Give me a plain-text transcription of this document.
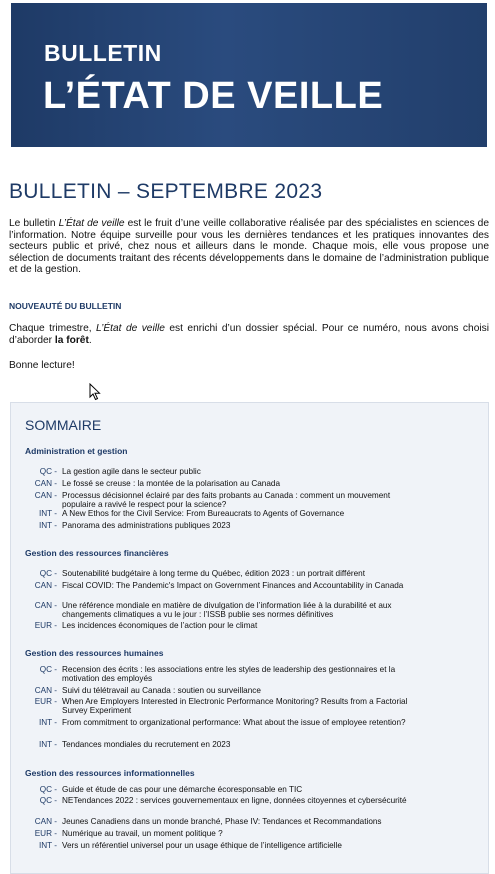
BULLETIN
L’ÉTAT DE VEILLE
BULLETIN – SEPTEMBRE 2023
Le bulletin L’État de veille est le fruit d’une veille collaborative réalisée par des spécialistes en sciences de l’information. Notre équipe surveille pour vous les dernières tendances et les pratiques innovantes des secteurs public et privé, chez nous et ailleurs dans le monde. Chaque mois, elle vous propose une sélection de documents traitant des récents développements dans le domaine de l’administration publique et de la gestion.
NOUVEAUTÉ DU BULLETIN
Chaque trimestre, L’État de veille est enrichi d’un dossier spécial. Pour ce numéro, nous avons choisi d’aborder la forêt.
Bonne lecture!
SOMMAIRE
Administration et gestion
QC - La gestion agile dans le secteur public
CAN - Le fossé se creuse : la montée de la polarisation au Canada
CAN - Processus décisionnel éclairé par des faits probants au Canada : comment un mouvement populaire a ravivé le respect pour la science?
INT - A New Ethos for the Civil Service: From Bureaucrats to Agents of Governance
INT - Panorama des administrations publiques 2023
Gestion des ressources financières
QC - Soutenabilité budgétaire à long terme du Québec, édition 2023 : un portrait différent
CAN - Fiscal COVID: The Pandemic's Impact on Government Finances and Accountability in Canada
CAN - Une référence mondiale en matière de divulgation de l’information liée à la durabilité et aux changements climatiques a vu le jour : l’ISSB publie ses normes définitives
EUR - Les incidences économiques de l’action pour le climat
Gestion des ressources humaines
QC - Recension des écrits : les associations entre les styles de leadership des gestionnaires et la motivation des employés
CAN - Suivi du télétravail au Canada : soutien ou surveillance
EUR - When Are Employers Interested in Electronic Performance Monitoring? Results from a Factorial Survey Experiment
INT - From commitment to organizational performance: What about the issue of employee retention?
INT - Tendances mondiales du recrutement en 2023
Gestion des ressources informationnelles
QC - Guide et étude de cas pour une démarche écoresponsable en TIC
QC - NETendances 2022 : services gouvernementaux en ligne, données citoyennes et cybersécurité
CAN - Jeunes Canadiens dans un monde branché, Phase IV: Tendances et Recommandations
EUR - Numérique au travail, un moment politique ?
INT - Vers un référentiel universel pour un usage éthique de l’intelligence artificielle
